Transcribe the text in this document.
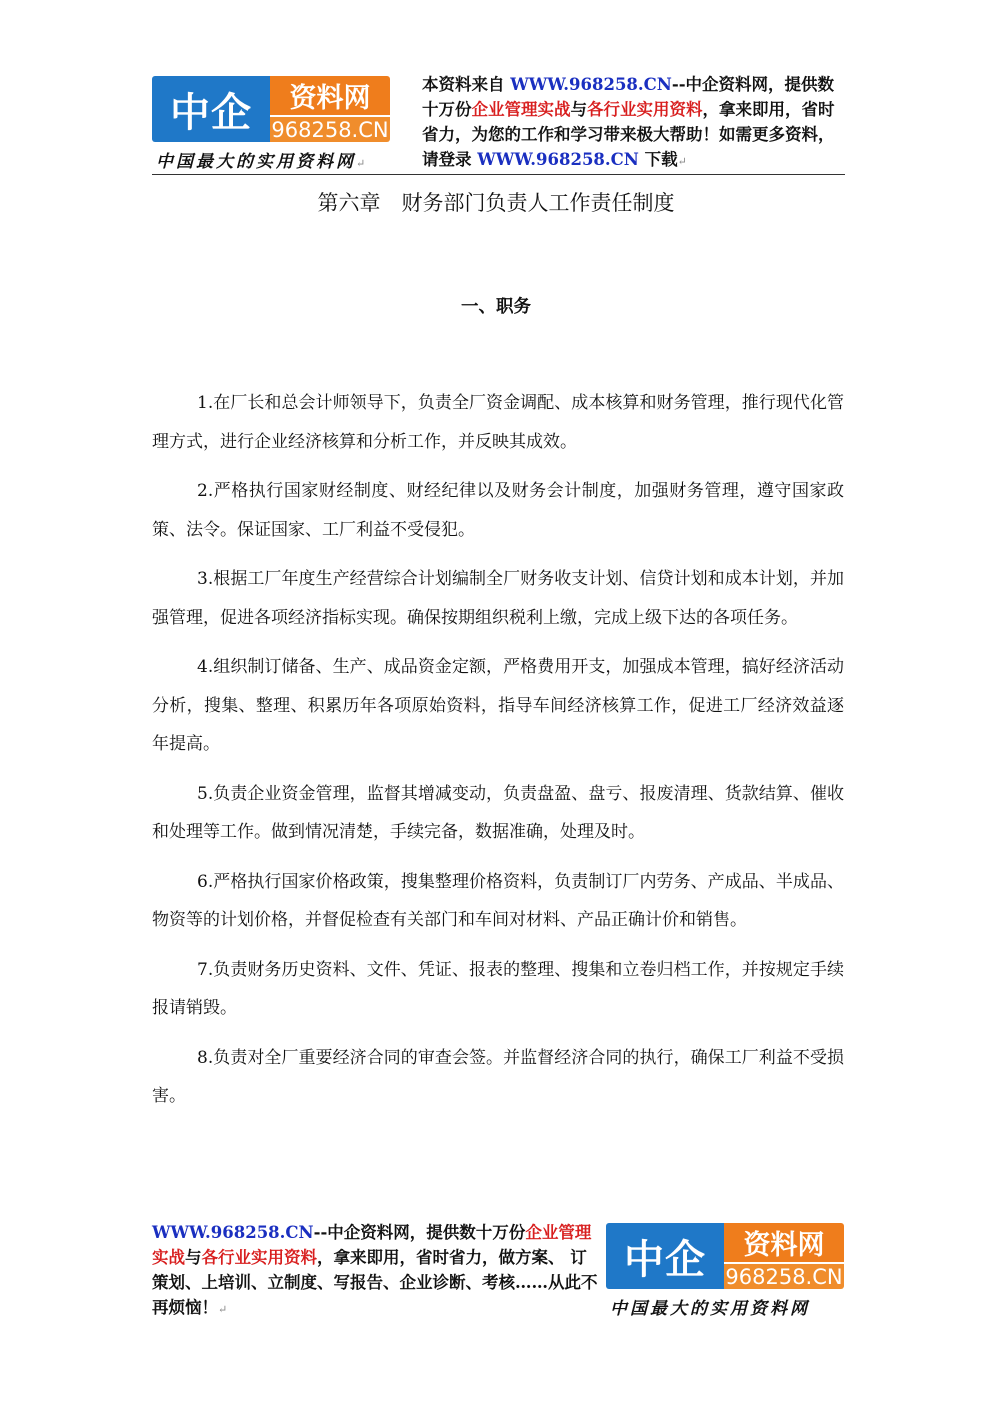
中企	资料网
968258.CN
中国最大的实用资料网↵
本资料来自 WWW.968258.CN--中企资料网，提供数十万份企业管理实战与各行业实用资料，拿来即用，省时省力，为您的工作和学习带来极大帮助！如需更多资料，请登录 WWW.968258.CN 下载↵
第六章　财务部门负责人工作责任制度
一、职务

1.在厂长和总会计师领导下，负责全厂资金调配、成本核算和财务管理，推行现代化管理方式，进行企业经济核算和分析工作，并反映其成效。

2.严格执行国家财经制度、财经纪律以及财务会计制度，加强财务管理，遵守国家政策、法令。保证国家、工厂利益不受侵犯。

3.根据工厂年度生产经营综合计划编制全厂财务收支计划、信贷计划和成本计划，并加强管理，促进各项经济指标实现。确保按期组织税利上缴，完成上级下达的各项任务。

4.组织制订储备、生产、成品资金定额，严格费用开支，加强成本管理，搞好经济活动分析，搜集、整理、积累历年各项原始资料，指导车间经济核算工作，促进工厂经济效益逐年提高。

5.负责企业资金管理，监督其增减变动，负责盘盈、盘亏、报废清理、货款结算、催收和处理等工作。做到情况清楚，手续完备，数据准确，处理及时。

6.严格执行国家价格政策，搜集整理价格资料，负责制订厂内劳务、产成品、半成品、物资等的计划价格，并督促检查有关部门和车间对材料、产品正确计价和销售。

7.负责财务历史资料、文件、凭证、报表的整理、搜集和立卷归档工作，并按规定手续报请销毁。

8.负责对全厂重要经济合同的审查会签。并监督经济合同的执行，确保工厂利益不受损害。

WWW.968258.CN--中企资料网，提供数十万份企业管理实战与各行业实用资料，拿来即用，省时省力，做方案、 订策划、上培训、立制度、写报告、企业诊断、考核……从此不再烦恼！↵
中企	资料网
968258.CN
中国最大的实用资料网
